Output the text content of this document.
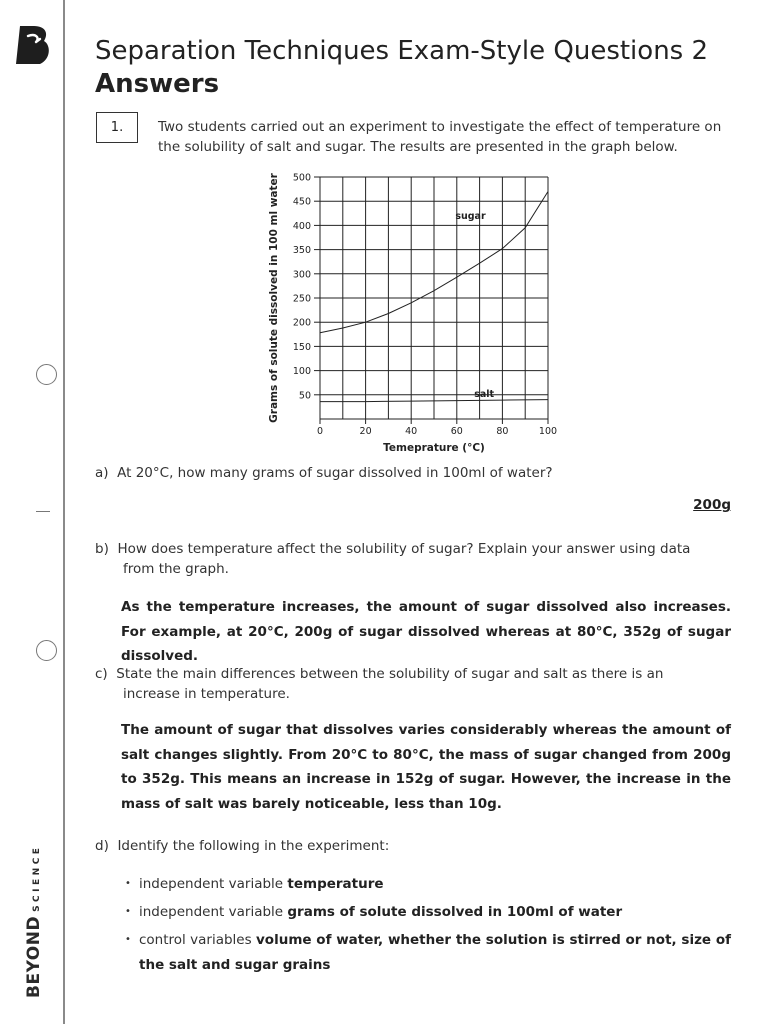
BEYONDSCIENCE
Separation Techniques Exam-Style Questions 2
Answers
1.	Two students carried out an experiment to investigate the effect of temperature on the solubility of salt and sugar. The results are presented in the graph below.
50
100
150
200
250
300
350
400
450
500
0	20	40	60	80	100
sugar
salt
Temeprature (°C)
Grams of solute dissolved in 100 ml water
a) At 20°C, how many grams of sugar dissolved in 100ml of water?
200g
b) How does temperature affect the solubility of sugar? Explain your answer using data
from the graph.
As the temperature increases, the amount of sugar dissolved also increases. For example, at 20°C, 200g of sugar dissolved whereas at 80°C, 352g of sugar dissolved.
c) State the main differences between the solubility of sugar and salt as there is an
increase in temperature.
The amount of sugar that dissolves varies considerably whereas the amount of salt changes slightly. From 20°C to 80°C, the mass of sugar changed from 200g to 352g. This means an increase in 152g of sugar. However, the increase in the mass of salt was barely noticeable, less than 10g.
d) Identify the following in the experiment:
• independent variable temperature
• independent variable grams of solute dissolved in 100ml of water
• control variables volume of water, whether the solution is stirred or not, size of the salt and sugar grains
